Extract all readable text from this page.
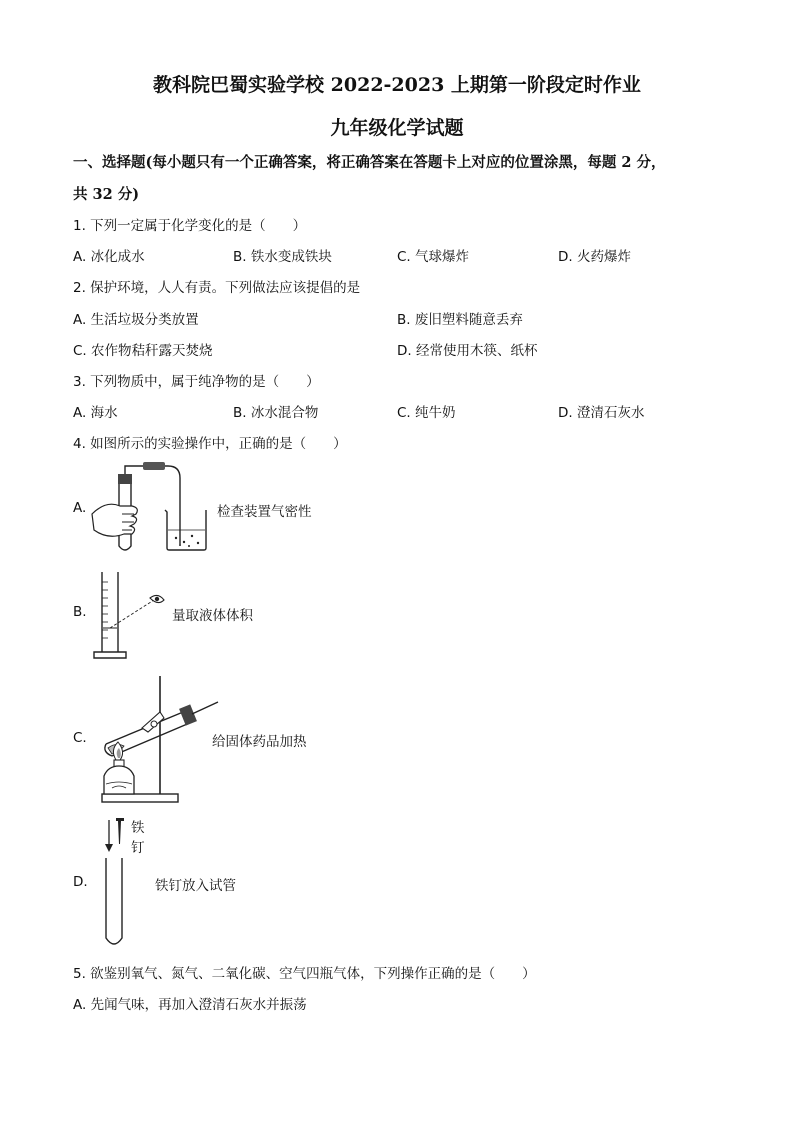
教科院巴蜀实验学校 2022-2023 上期第一阶段定时作业
九年级化学试题
一、选择题(每小题只有一个正确答案，将正确答案在答题卡上对应的位置涂黑，每题 2 分，
共 32 分)
1. 下列一定属于化学变化的是（　　）
A. 冰化成水	B. 铁水变成铁块	C. 气球爆炸	D. 火药爆炸
2. 保护环境，人人有责。下列做法应该提倡的是
A. 生活垃圾分类放置	B. 废旧塑料随意丢弃
C. 农作物秸秆露天焚烧	D. 经常使用木筷、纸杯
3. 下列物质中，属于纯净物的是（　　）
A. 海水	B. 冰水混合物	C. 纯牛奶	D. 澄清石灰水
4. 如图所示的实验操作中，正确的是（　　）
A.	检查装置气密性
B.	量取液体体积
C.	给固体药品加热
D.
铁
钉
铁钉放入试管
5. 欲鉴别氧气、氮气、二氧化碳、空气四瓶气体，下列操作正确的是（　　）
A. 先闻气味，再加入澄清石灰水并振荡
